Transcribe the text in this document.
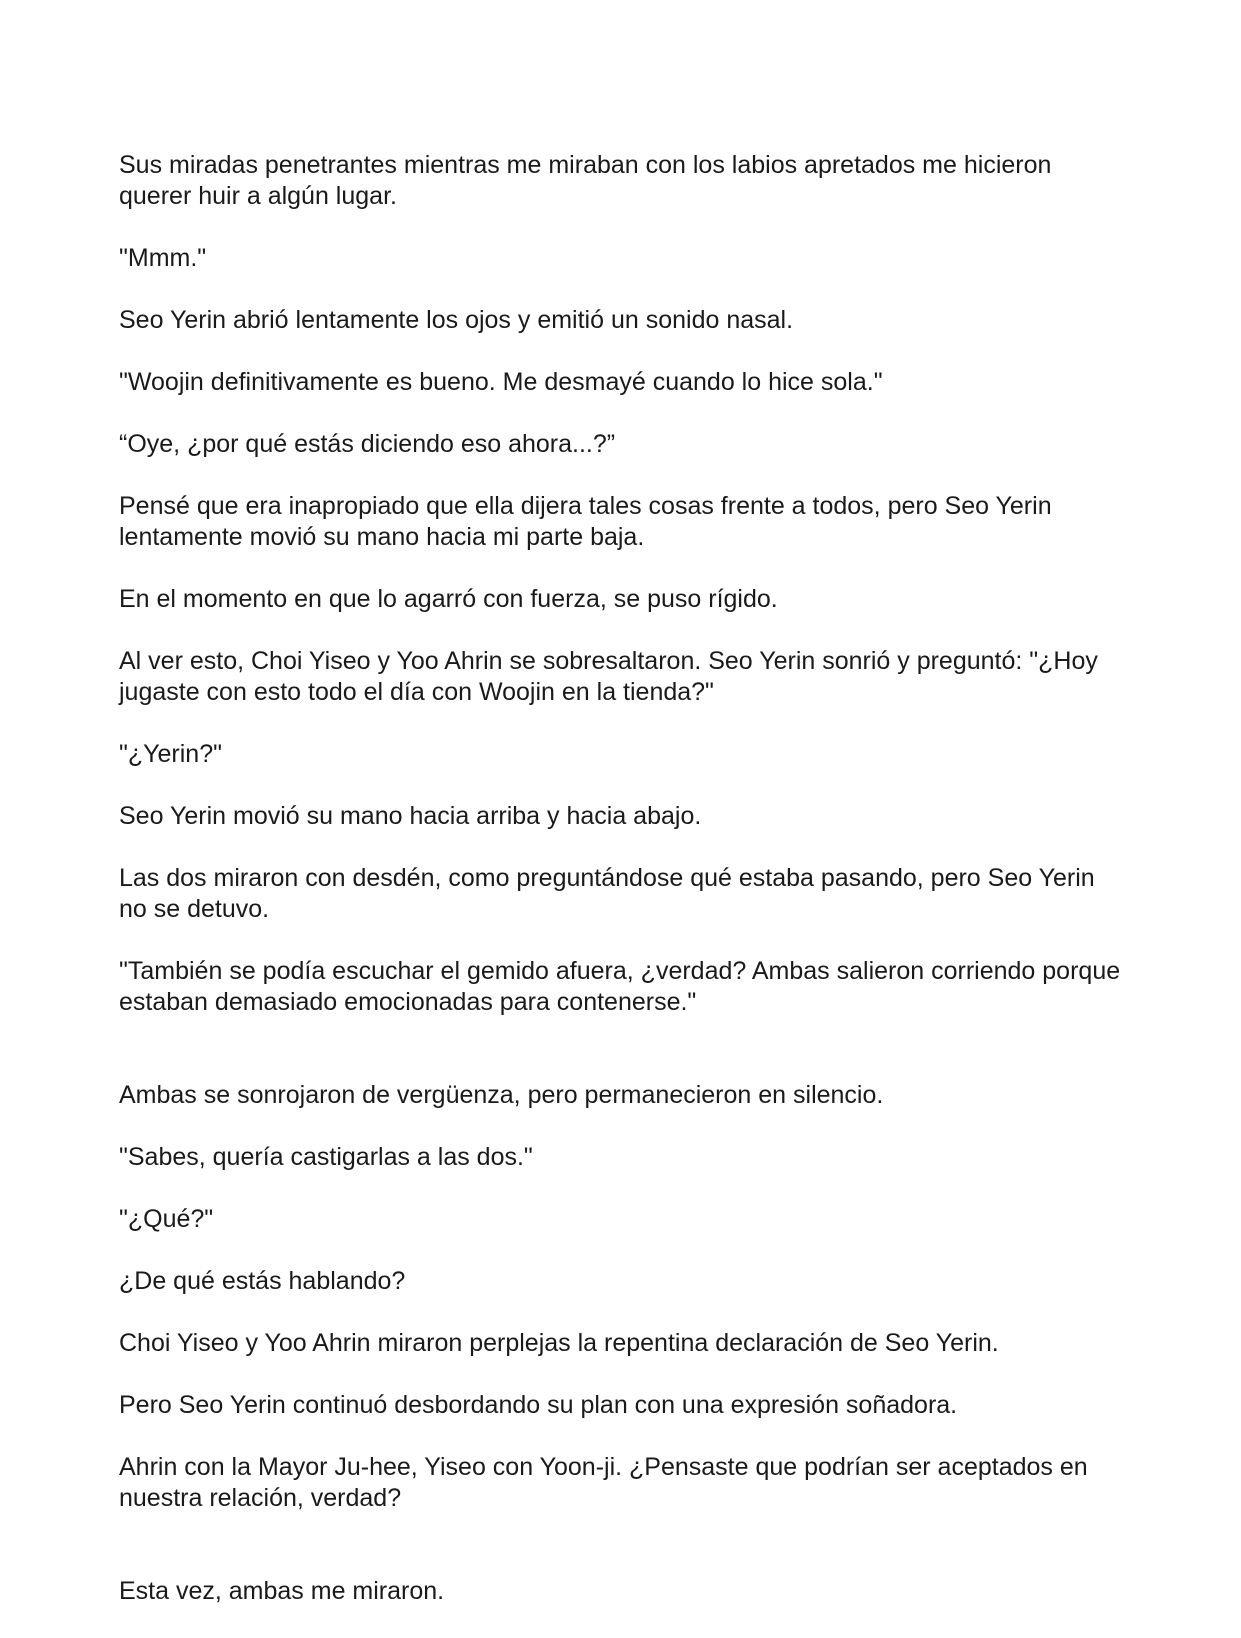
Sus miradas penetrantes mientras me miraban con los labios apretados me hicieron querer huir a algún lugar.

"Mmm."

Seo Yerin abrió lentamente los ojos y emitió un sonido nasal.

"Woojin definitivamente es bueno. Me desmayé cuando lo hice sola."

“Oye, ¿por qué estás diciendo eso ahora...?”

Pensé que era inapropiado que ella dijera tales cosas frente a todos, pero Seo Yerin lentamente movió su mano hacia mi parte baja.

En el momento en que lo agarró con fuerza, se puso rígido.

Al ver esto, Choi Yiseo y Yoo Ahrin se sobresaltaron. Seo Yerin sonrió y preguntó: "¿Hoy jugaste con esto todo el día con Woojin en la tienda?"

"¿Yerin?"

Seo Yerin movió su mano hacia arriba y hacia abajo.

Las dos miraron con desdén, como preguntándose qué estaba pasando, pero Seo Yerin no se detuvo.

"También se podía escuchar el gemido afuera, ¿verdad? Ambas salieron corriendo porque estaban demasiado emocionadas para contenerse."

Ambas se sonrojaron de vergüenza, pero permanecieron en silencio.

"Sabes, quería castigarlas a las dos."

"¿Qué?"

¿De qué estás hablando?

Choi Yiseo y Yoo Ahrin miraron perplejas la repentina declaración de Seo Yerin.

Pero Seo Yerin continuó desbordando su plan con una expresión soñadora.

Ahrin con la Mayor Ju-hee, Yiseo con Yoon-ji. ¿Pensaste que podrían ser aceptados en nuestra relación, verdad?

Esta vez, ambas me miraron.
